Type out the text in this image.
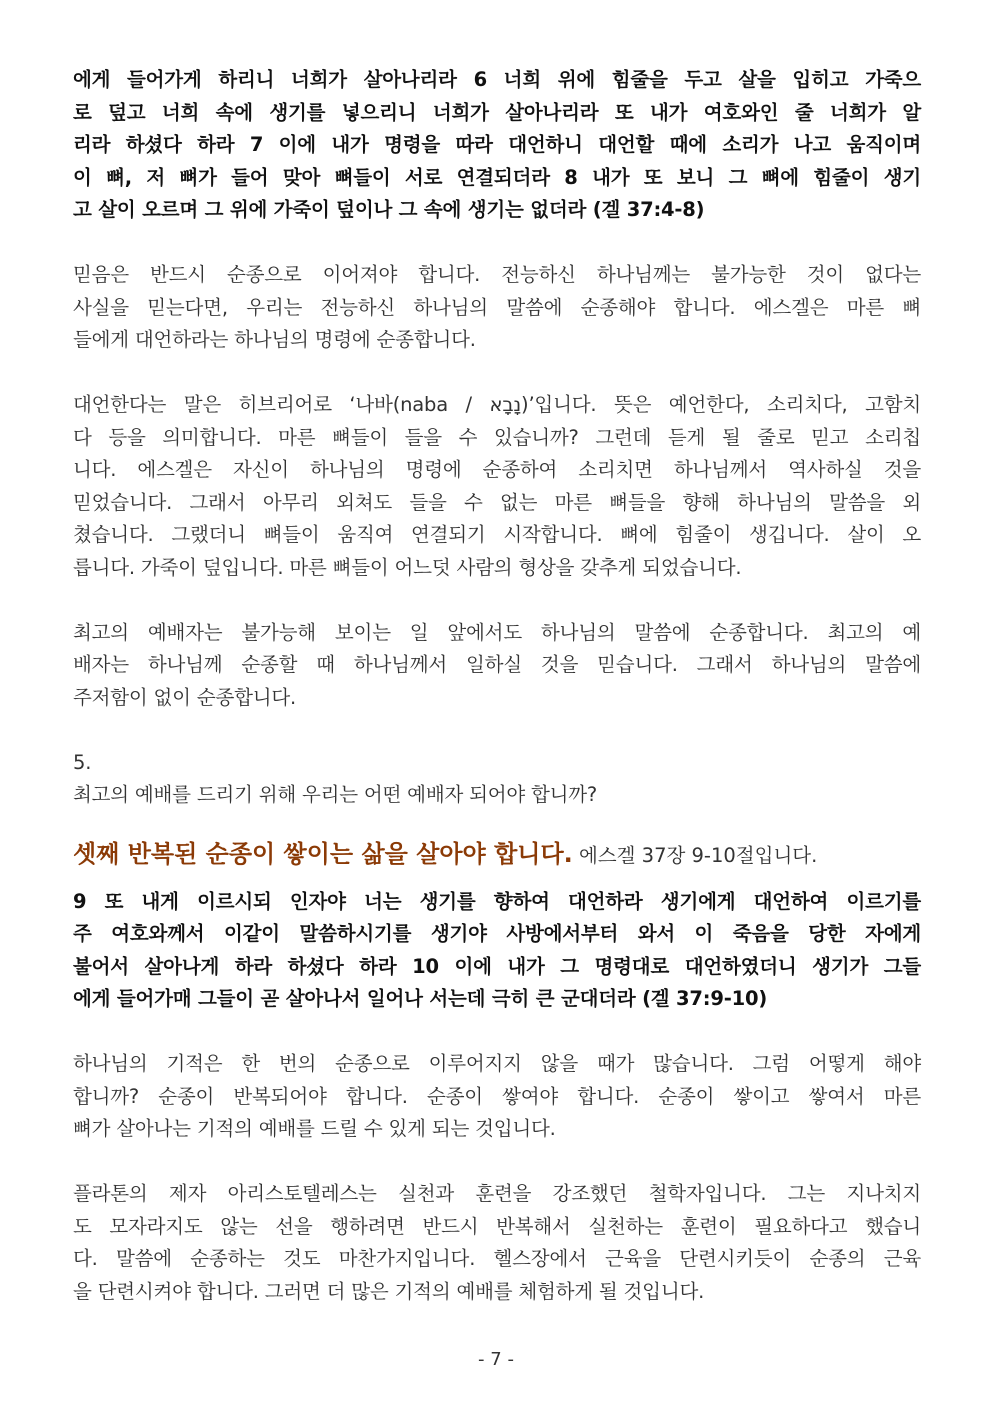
에게 들어가게 하리니 너희가 살아나리라 6 너희 위에 힘줄을 두고 살을 입히고 가죽으
로 덮고 너희 속에 생기를 넣으리니 너희가 살아나리라 또 내가 여호와인 줄 너희가 알
리라 하셨다 하라 7 이에 내가 명령을 따라 대언하니 대언할 때에 소리가 나고 움직이며
이 뼈, 저 뼈가 들어 맞아 뼈들이 서로 연결되더라 8 내가 또 보니 그 뼈에 힘줄이 생기
고 살이 오르며 그 위에 가죽이 덮이나 그 속에 생기는 없더라 (겔 37:4-8)
믿음은 반드시 순종으로 이어져야 합니다. 전능하신 하나님께는 불가능한 것이 없다는
사실을 믿는다면, 우리는 전능하신 하나님의 말씀에 순종해야 합니다. 에스겔은 마른 뼈
들에게 대언하라는 하나님의 명령에 순종합니다.
대언한다는 말은 히브리어로 ‘나바(naba / נָבָא)’입니다. 뜻은 예언한다, 소리치다, 고함치
다 등을 의미합니다. 마른 뼈들이 들을 수 있습니까? 그런데 듣게 될 줄로 믿고 소리칩
니다. 에스겔은 자신이 하나님의 명령에 순종하여 소리치면 하나님께서 역사하실 것을
믿었습니다. 그래서 아무리 외쳐도 들을 수 없는 마른 뼈들을 향해 하나님의 말씀을 외
쳤습니다. 그랬더니 뼈들이 움직여 연결되기 시작합니다. 뼈에 힘줄이 생깁니다. 살이 오
릅니다. 가죽이 덮입니다. 마른 뼈들이 어느덧 사람의 형상을 갖추게 되었습니다.
최고의 예배자는 불가능해 보이는 일 앞에서도 하나님의 말씀에 순종합니다. 최고의 예
배자는 하나님께 순종할 때 하나님께서 일하실 것을 믿습니다. 그래서 하나님의 말씀에
주저함이 없이 순종합니다.
5.
최고의 예배를 드리기 위해 우리는 어떤 예배자 되어야 합니까?
셋째 반복된 순종이 쌓이는 삶을 살아야 합니다. 에스겔 37장 9-10절입니다.
9 또 내게 이르시되 인자야 너는 생기를 향하여 대언하라 생기에게 대언하여 이르기를
주 여호와께서 이같이 말씀하시기를 생기야 사방에서부터 와서 이 죽음을 당한 자에게
불어서 살아나게 하라 하셨다 하라 10 이에 내가 그 명령대로 대언하였더니 생기가 그들
에게 들어가매 그들이 곧 살아나서 일어나 서는데 극히 큰 군대더라 (겔 37:9-10)
하나님의 기적은 한 번의 순종으로 이루어지지 않을 때가 많습니다. 그럼 어떻게 해야
합니까? 순종이 반복되어야 합니다. 순종이 쌓여야 합니다. 순종이 쌓이고 쌓여서 마른
뼈가 살아나는 기적의 예배를 드릴 수 있게 되는 것입니다.
플라톤의 제자 아리스토텔레스는 실천과 훈련을 강조했던 철학자입니다. 그는 지나치지
도 모자라지도 않는 선을 행하려면 반드시 반복해서 실천하는 훈련이 필요하다고 했습니
다. 말씀에 순종하는 것도 마찬가지입니다. 헬스장에서 근육을 단련시키듯이 순종의 근육
을 단련시켜야 합니다. 그러면 더 많은 기적의 예배를 체험하게 될 것입니다.
- 7 -
